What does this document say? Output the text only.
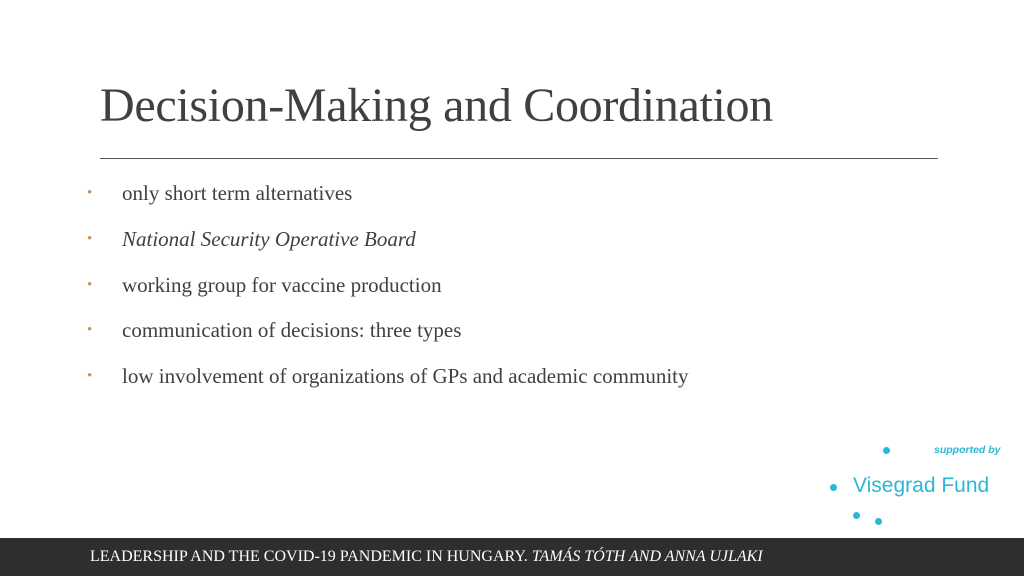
Decision-Making and Coordination
•	only short term alternatives
•	National Security Operative Board
•	working group for vaccine production
•	communication of decisions: three types
•	low involvement of organizations of GPs and academic community
supported by
Visegrad Fund
LEADERSHIP AND THE COVID-19 PANDEMIC IN HUNGARY. TAMÁS TÓTH AND ANNA UJLAKI
